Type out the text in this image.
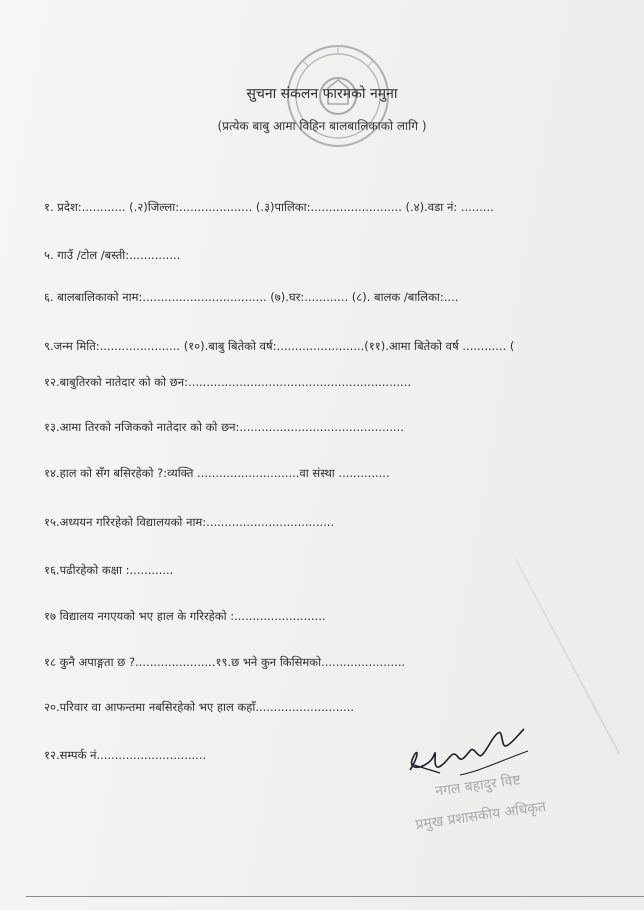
सुचना संकलन फारमको नमुना
(प्रत्येक बाबु आमा विहिन बालबालिकाको लागि )
१. प्रदेश:............ (.२)जिल्ला:.................... (.३)पालिका:......................... (.४).वडा नं: .........
५. गाउँ /टोल /बस्ती:..............
६. बालबालिकाको नाम:.................................. (७).घर:............ (८). बालक /बालिका:....
९.जन्म मिति:...................... (१०).बाबु बितेको वर्ष:........................(११).आमा बितेको वर्ष ............ (
१२.बाबुतिरको नातेदार को को छन:.............................................................
१३.आमा तिरको नजिकको नातेदार को को छन:.............................................
१४.हाल को सँग बसिरहेको ?:व्यक्ति ............................वा संस्था ..............
१५.अध्ययन गरिरहेको विद्यालयको नाम:...................................
१६.पढीरहेको कक्षा :............
१७ विद्यालय नगएयको भए हाल के गरिरहेको :.........................
१८ कुनै अपाङ्गता छ ?......................१९.छ भने कुन किसिमको.......................
२०.परिवार वा आफन्तमा नबसिरहेको भए हाल कहाँ...........................
१२.सम्पर्क नं..............................
नगल बहादुर विष्ट
प्रमुख प्रशासकीय अधिकृत
